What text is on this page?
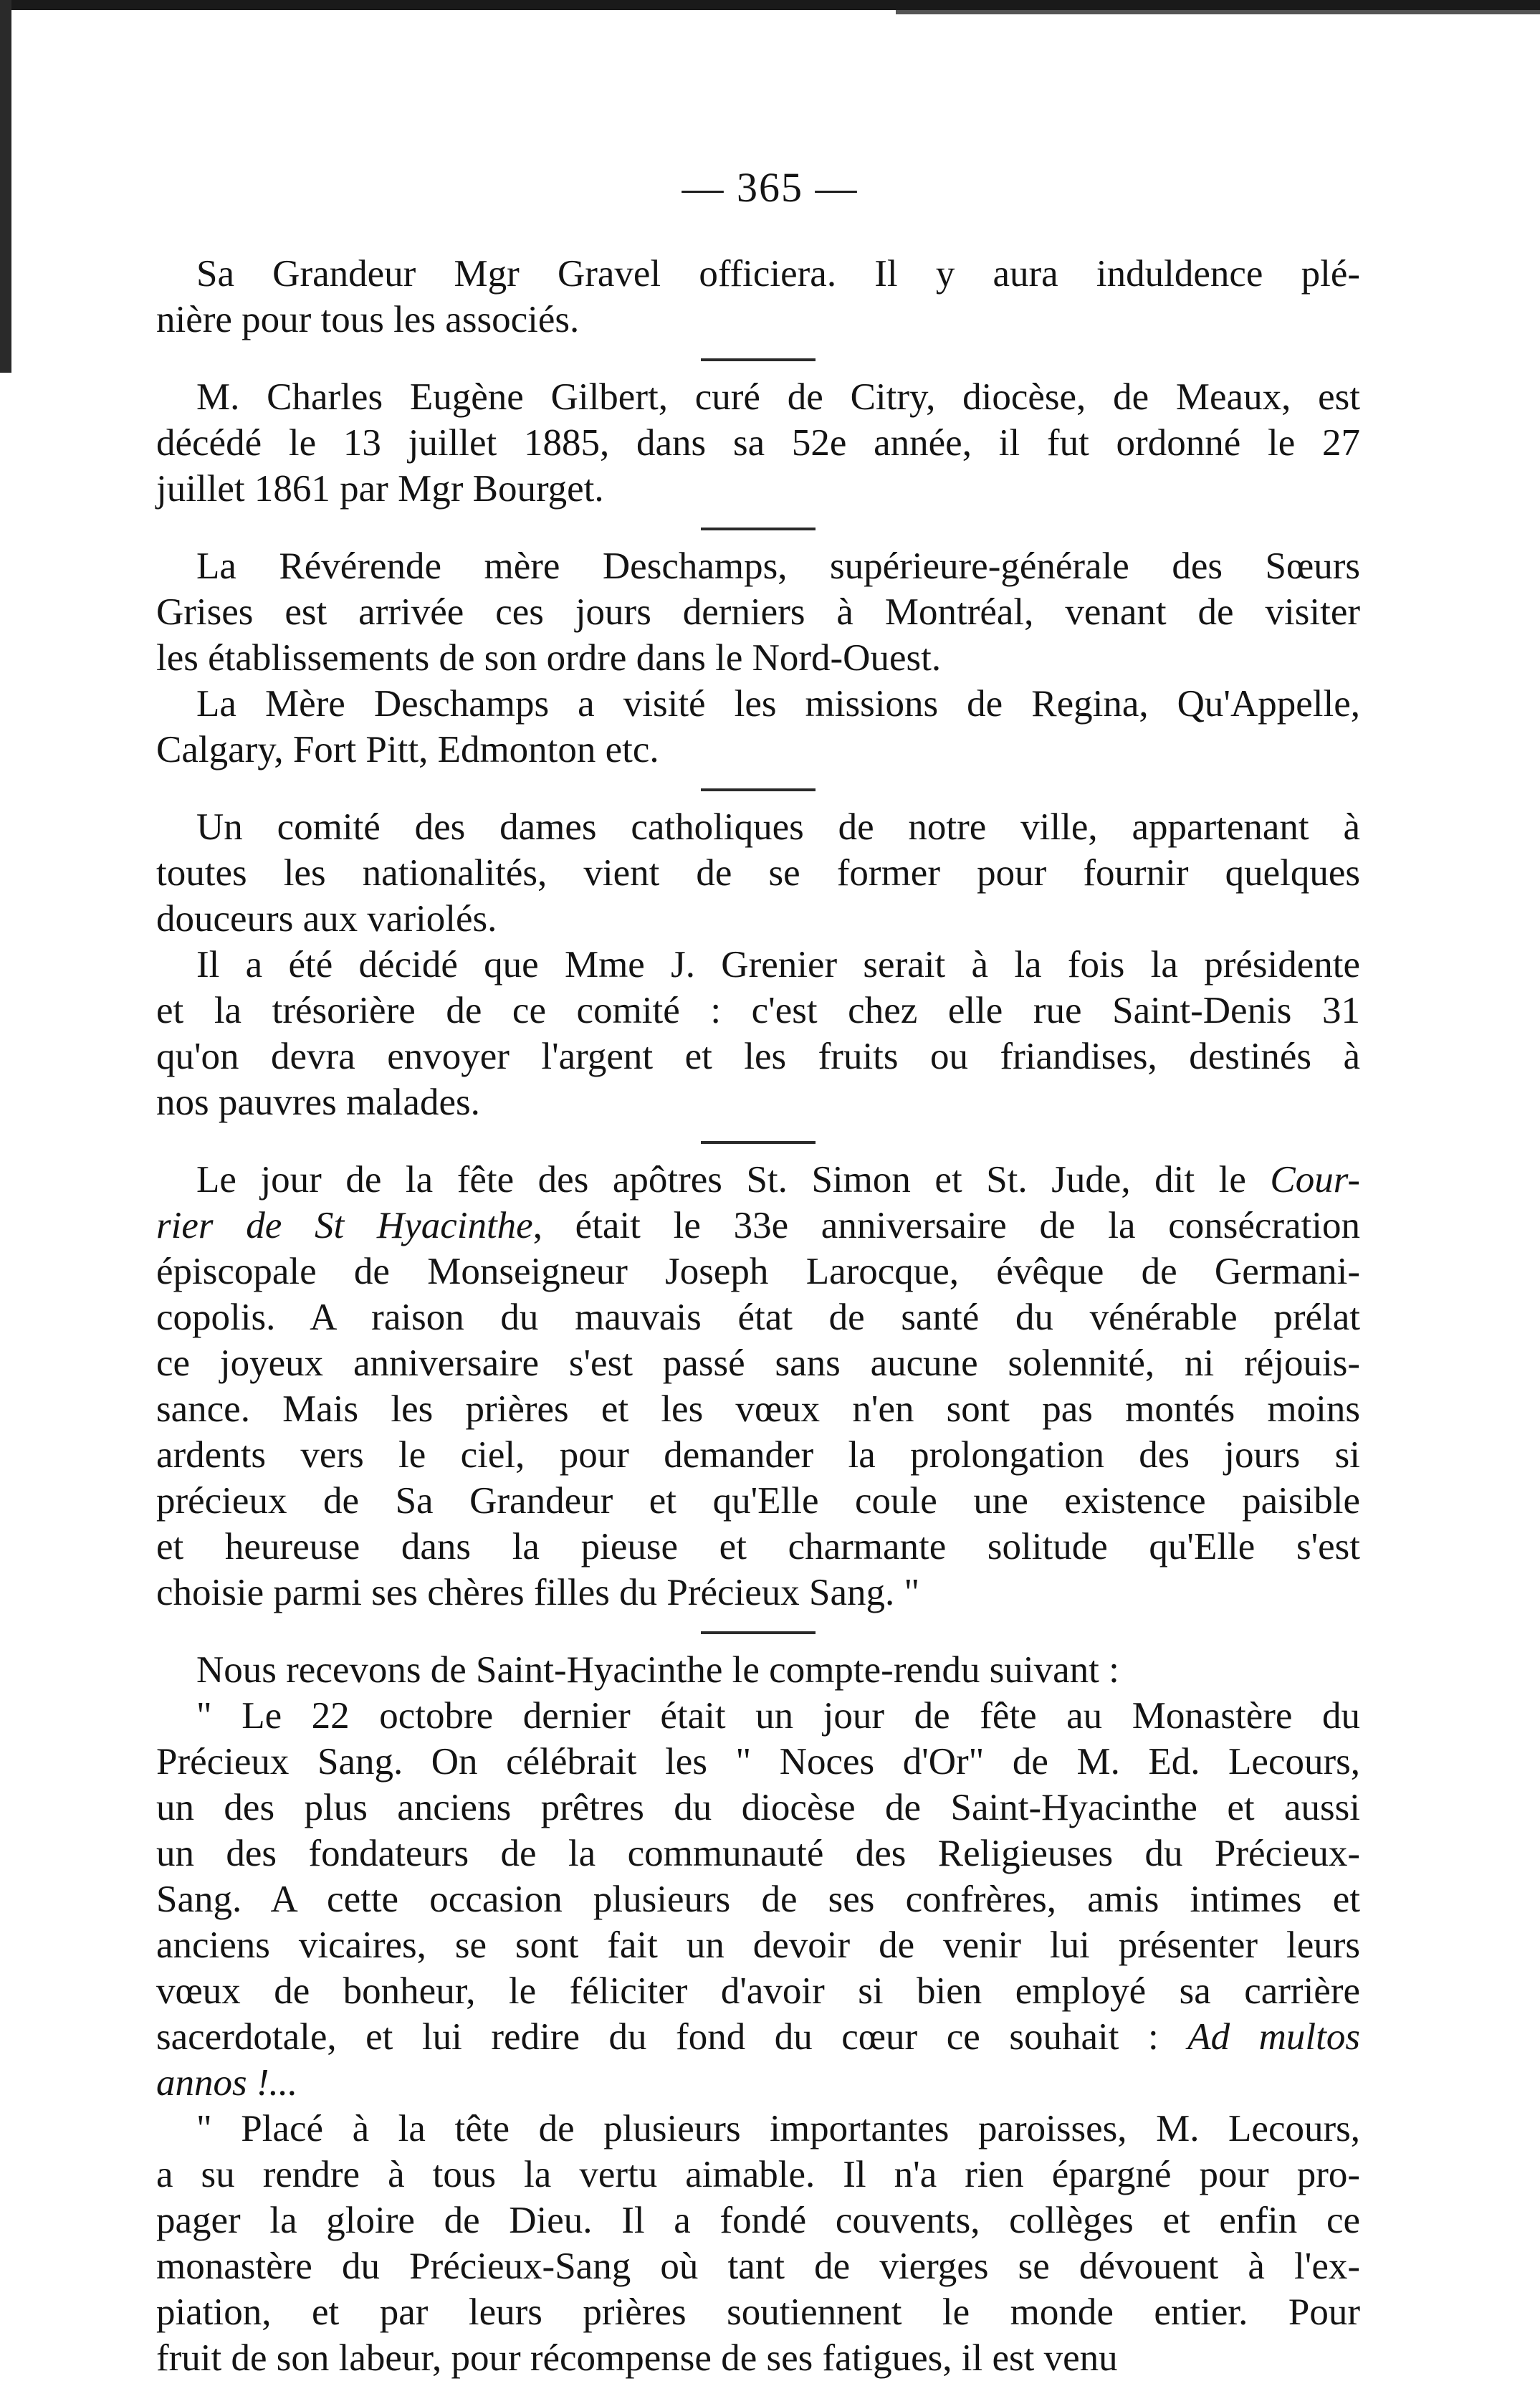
— 365 —
Sa Grandeur Mgr Gravel officiera. Il y aura induldence plé-
nière pour tous les associés.
M. Charles Eugène Gilbert, curé de Citry, diocèse, de Meaux, est
décédé le 13 juillet 1885, dans sa 52e année, il fut ordonné le 27
juillet 1861 par Mgr Bourget.
La Révérende mère Deschamps, supérieure-générale des Sœurs
Grises est arrivée ces jours derniers à Montréal, venant de visiter
les établissements de son ordre dans le Nord-Ouest.
La Mère Deschamps a visité les missions de Regina, Qu'Appelle,
Calgary, Fort Pitt, Edmonton etc.
Un comité des dames catholiques de notre ville, appartenant à
toutes les nationalités, vient de se former pour fournir quelques
douceurs aux variolés.
Il a été décidé que Mme J. Grenier serait à la fois la présidente
et la trésorière de ce comité : c'est chez elle rue Saint-Denis 31
qu'on devra envoyer l'argent et les fruits ou friandises, destinés à
nos pauvres malades.
Le jour de la fête des apôtres St. Simon et St. Jude, dit le Cour-
rier de St Hyacinthe, était le 33e anniversaire de la consécration
épiscopale de Monseigneur Joseph Larocque, évêque de Germani-
copolis. A raison du mauvais état de santé du vénérable prélat
ce joyeux anniversaire s'est passé sans aucune solennité, ni réjouis-
sance. Mais les prières et les vœux n'en sont pas montés moins
ardents vers le ciel, pour demander la prolongation des jours si
précieux de Sa Grandeur et qu'Elle coule une existence paisible
et heureuse dans la pieuse et charmante solitude qu'Elle s'est
choisie parmi ses chères filles du Précieux Sang. "
Nous recevons de Saint-Hyacinthe le compte-rendu suivant :
" Le 22 octobre dernier était un jour de fête au Monastère du
Précieux Sang. On célébrait les " Noces d'Or" de M. Ed. Lecours,
un des plus anciens prêtres du diocèse de Saint-Hyacinthe et aussi
un des fondateurs de la communauté des Religieuses du Précieux-
Sang. A cette occasion plusieurs de ses confrères, amis intimes et
anciens vicaires, se sont fait un devoir de venir lui présenter leurs
vœux de bonheur, le féliciter d'avoir si bien employé sa carrière
sacerdotale, et lui redire du fond du cœur ce souhait : Ad multos
annos !...
" Placé à la tête de plusieurs importantes paroisses, M. Lecours,
a su rendre à tous la vertu aimable. Il n'a rien épargné pour pro-
pager la gloire de Dieu. Il a fondé couvents, collèges et enfin ce
monastère du Précieux-Sang où tant de vierges se dévouent à l'ex-
piation, et par leurs prières soutiennent le monde entier. Pour
fruit de son labeur, pour récompense de ses fatigues, il est venu
